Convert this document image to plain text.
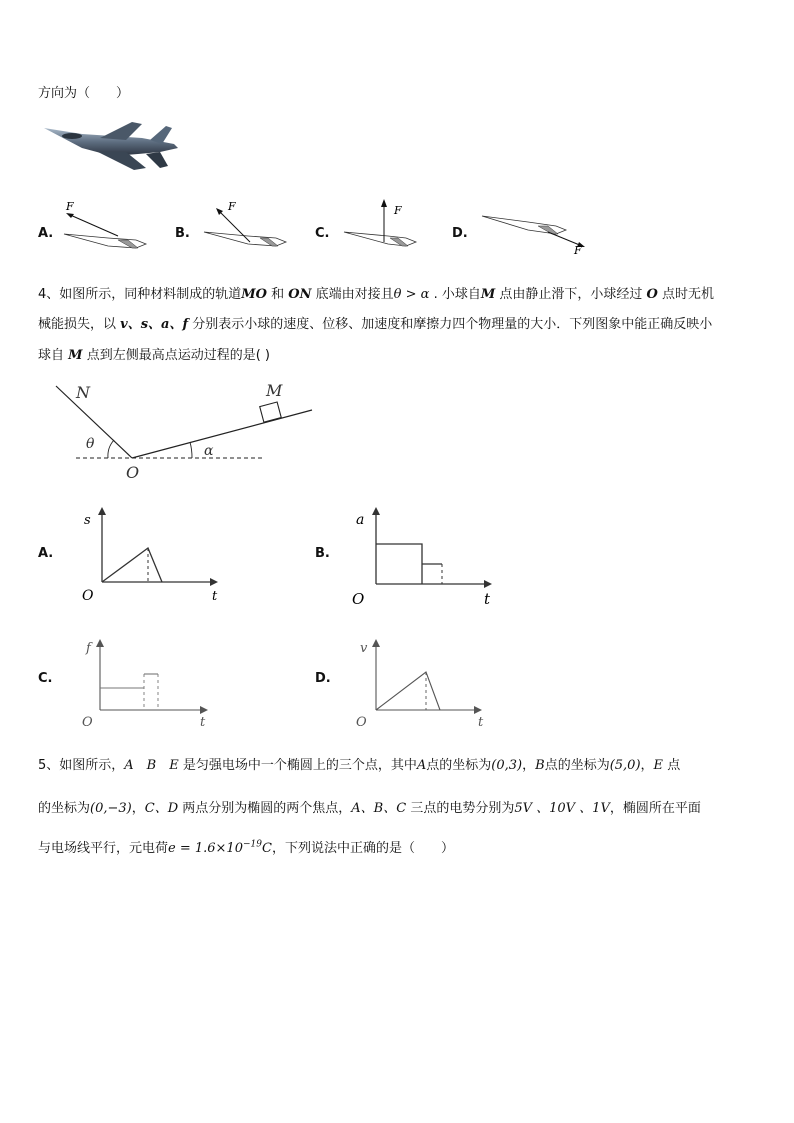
方向为（　　）
A.	B.	C.	D.
F	F	F
F
4、如图所示，同种材料制成的轨道MO 和 ON 底端由对接且θ > α . 小球自M 点由静止滑下，小球经过 O 点时无机
械能损失，以 v、s、a、f 分别表示小球的速度、位移、加速度和摩擦力四个物理量的大小．下列图象中能正确反映小
球自 M 点到左侧最高点运动过程的是( )
N	M
O
θ	α
A.	B.
C.	D.
s
O	t
a
O	t
f
O	t
v
O	t
5、如图所示，A　B　E 是匀强电场中一个椭圆上的三个点，其中A点的坐标为(0,3)，B点的坐标为(5,0)，E 点
的坐标为(0,−3)，C、D 两点分别为椭圆的两个焦点，A、B、C 三点的电势分别为5V 、10V 、1V，椭圆所在平面
与电场线平行，元电荷$e = 1.6\times 10^{-19}C$，下列说法中正确的是（　　）
